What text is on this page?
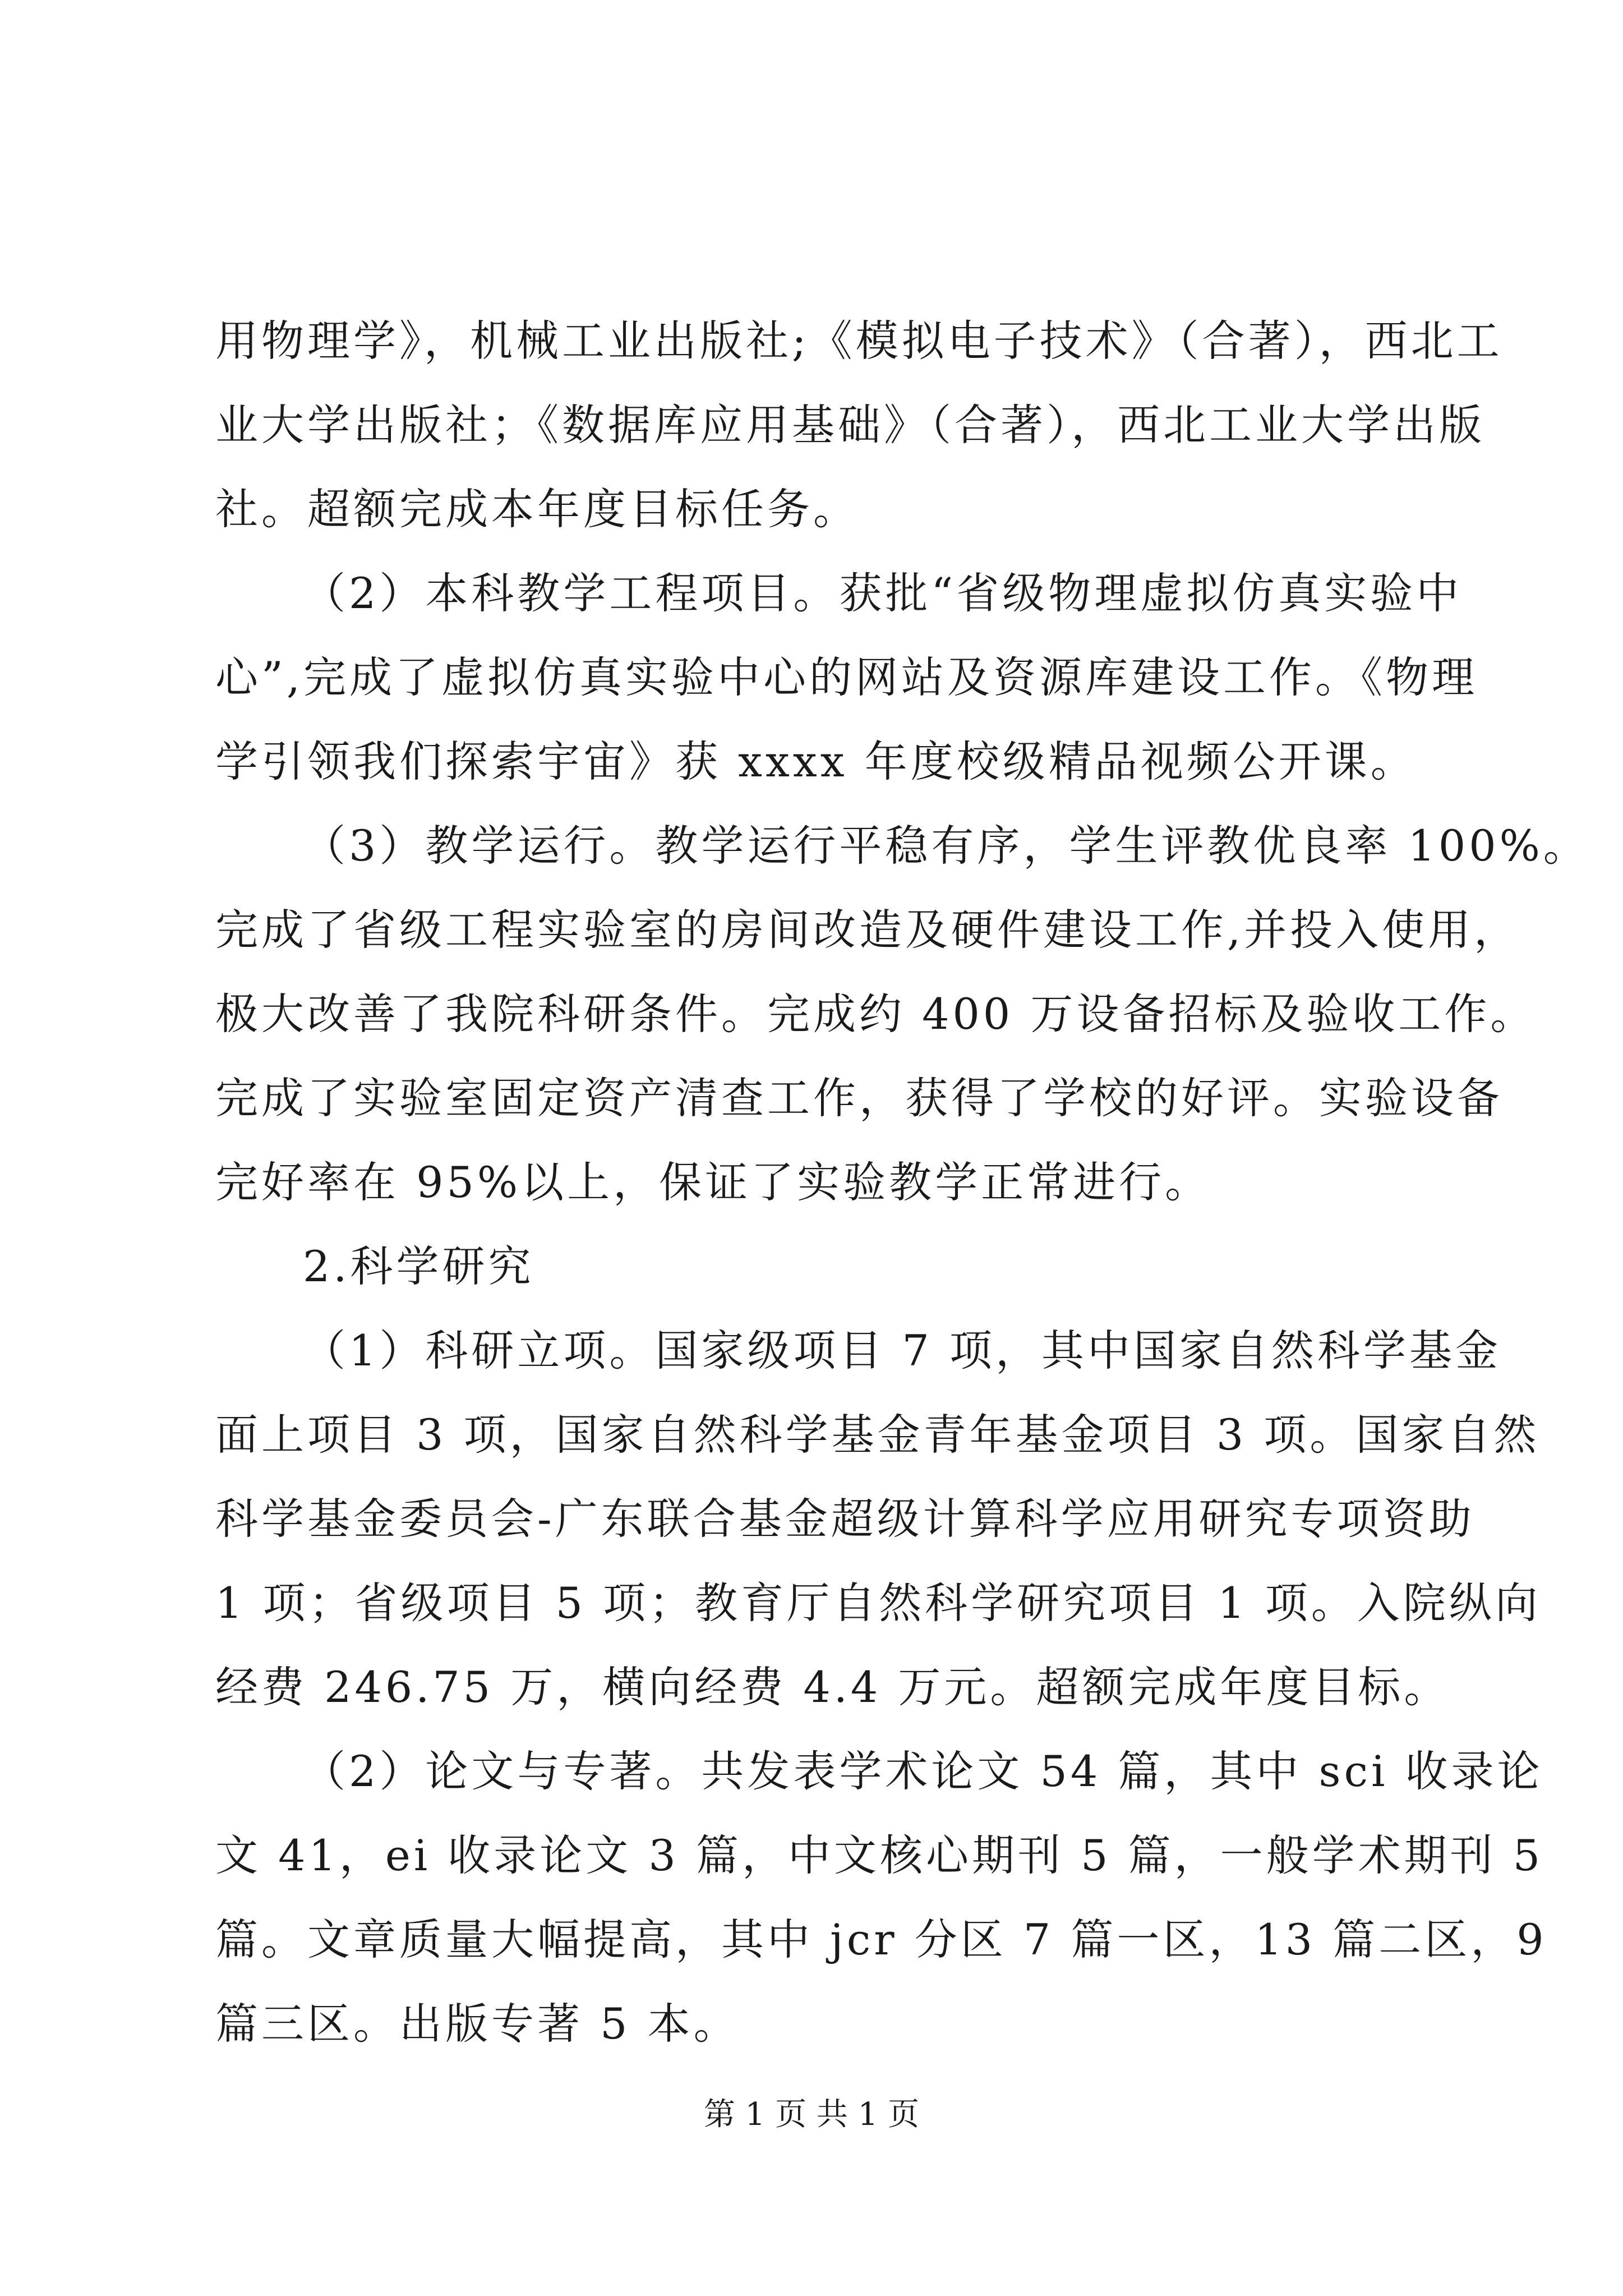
用物理学》，机械工业出版社;《模拟电子技术》（合著），西北工
业大学出版社；《数据库应用基础》（合著），西北工业大学出版
社。超额完成本年度目标任务。
（2）本科教学工程项目。获批“省级物理虚拟仿真实验中
心”,完成了虚拟仿真实验中心的网站及资源库建设工作。《物理
学引领我们探索宇宙》获 xxxx 年度校级精品视频公开课。
（3）教学运行。教学运行平稳有序，学生评教优良率 100%。
完成了省级工程实验室的房间改造及硬件建设工作,并投入使用，
极大改善了我院科研条件。完成约 400 万设备招标及验收工作。
完成了实验室固定资产清查工作，获得了学校的好评。实验设备
完好率在 95%以上，保证了实验教学正常进行。
2.科学研究
（1）科研立项。国家级项目 7 项，其中国家自然科学基金
面上项目 3 项，国家自然科学基金青年基金项目 3 项。国家自然
科学基金委员会-广东联合基金超级计算科学应用研究专项资助
1 项；省级项目 5 项；教育厅自然科学研究项目 1 项。入院纵向
经费 246.75 万，横向经费 4.4 万元。超额完成年度目标。
（2）论文与专著。共发表学术论文 54 篇，其中 sci 收录论
文 41，ei 收录论文 3 篇，中文核心期刊 5 篇，一般学术期刊 5
篇。文章质量大幅提高，其中 jcr 分区 7 篇一区，13 篇二区，9
篇三区。出版专著 5 本。
第 1 页 共 1 页
